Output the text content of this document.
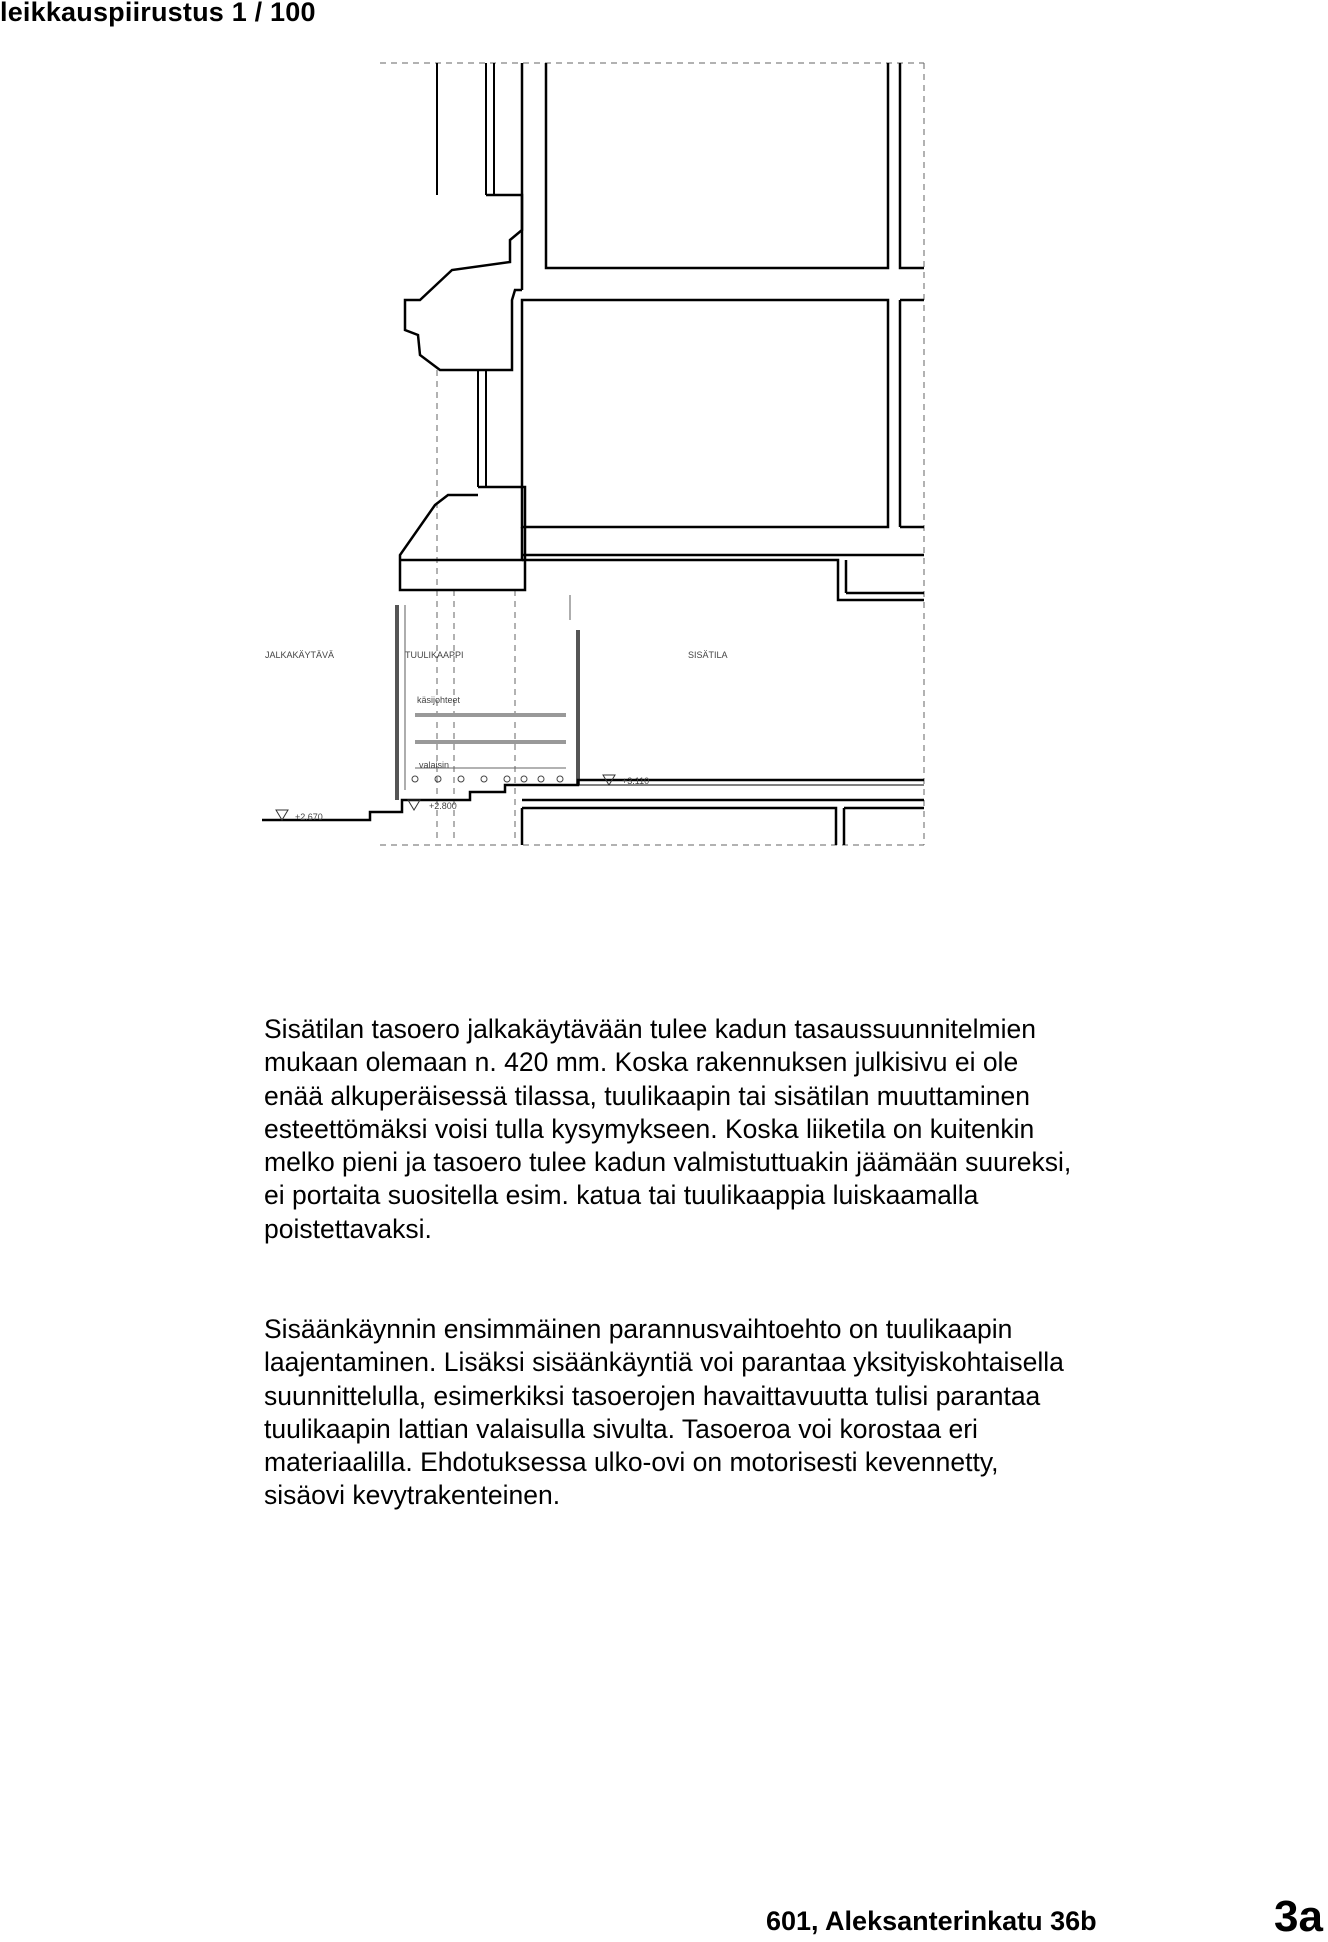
leikkauspiirustus 1 / 100
JALKAKÄYTÄVÄ	TUULIKAAPPI	SISÄTILA
käsijohteet
valaisin
+2.670
+2.800
+3.110

Sisätilan tasoero jalkakäytävään tulee kadun tasaussuunnitelmien mukaan olemaan n. 420 mm. Koska rakennuksen julkisivu ei ole enää alkuperäisessä tilassa, tuulikaapin tai sisätilan muuttaminen esteettömäksi voisi tulla kysymykseen. Koska liiketila on kuitenkin melko pieni ja tasoero tulee kadun valmistuttuakin jäämään suureksi, ei portaita suositella esim. katua tai tuulikaappia luiskaamalla poistettavaksi.

Sisäänkäynnin ensimmäinen parannusvaihtoehto on tuulikaapin laajentaminen. Lisäksi sisäänkäyntiä voi parantaa yksityiskohtaisella suunnittelulla, esimerkiksi tasoerojen havaittavuutta tulisi parantaa tuulikaapin lattian valaisulla sivulta. Tasoeroa voi korostaa eri materiaalilla. Ehdotuksessa ulko-ovi on motorisesti kevennetty, sisäovi kevytrakenteinen.

601, Aleksanterinkatu 36b	3a
